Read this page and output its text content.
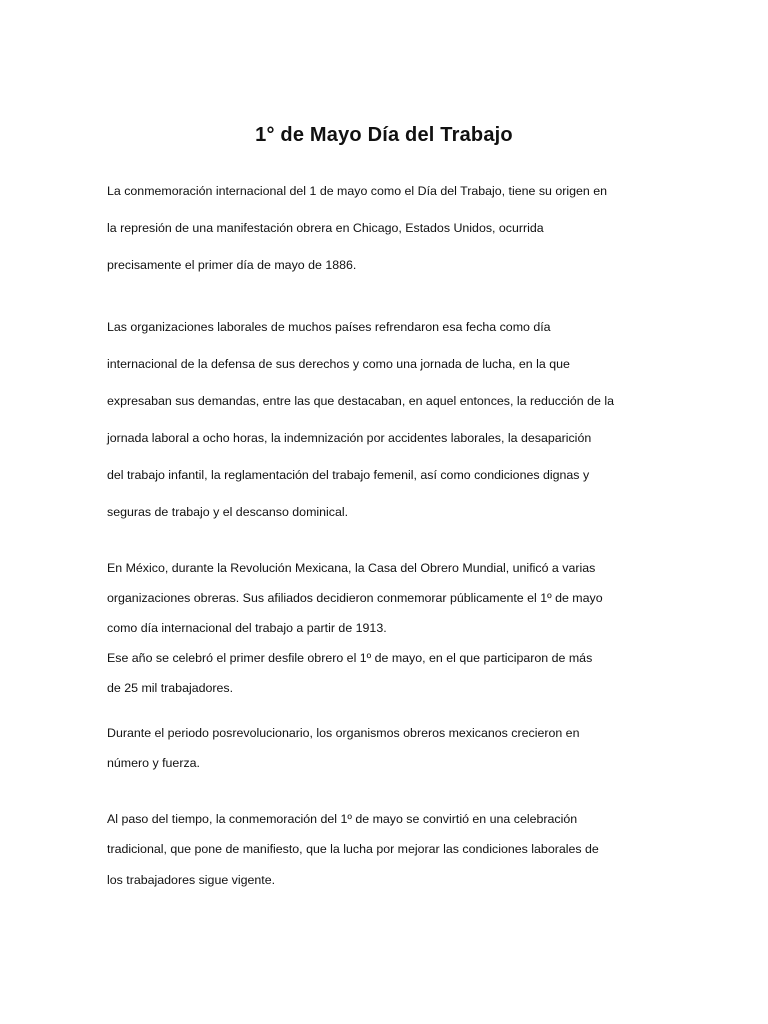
1° de Mayo Día del Trabajo

La conmemoración internacional del 1 de mayo como el Día del Trabajo, tiene su origen en

la represión de una manifestación obrera en Chicago, Estados Unidos, ocurrida

precisamente el primer día de mayo de 1886.

Las organizaciones laborales de muchos países refrendaron esa fecha como día

internacional de la defensa de sus derechos y como una jornada de lucha, en la que

expresaban sus demandas, entre las que destacaban, en aquel entonces, la reducción de la

jornada laboral a ocho horas, la indemnización por accidentes laborales, la desaparición

del trabajo infantil, la reglamentación del trabajo femenil, así como condiciones dignas y

seguras de trabajo y el descanso dominical.

En México, durante la Revolución Mexicana, la Casa del Obrero Mundial, unificó a varias

organizaciones obreras. Sus afiliados decidieron conmemorar públicamente el 1º de mayo

como día internacional del trabajo a partir de 1913.

Ese año se celebró el primer desfile obrero el 1º de mayo, en el que participaron de más

de 25 mil trabajadores.

Durante el periodo posrevolucionario, los organismos obreros mexicanos crecieron en

número y fuerza.

Al paso del tiempo, la conmemoración del 1º de mayo se convirtió en una celebración

tradicional, que pone de manifiesto, que la lucha por mejorar las condiciones laborales de

los trabajadores sigue vigente.
